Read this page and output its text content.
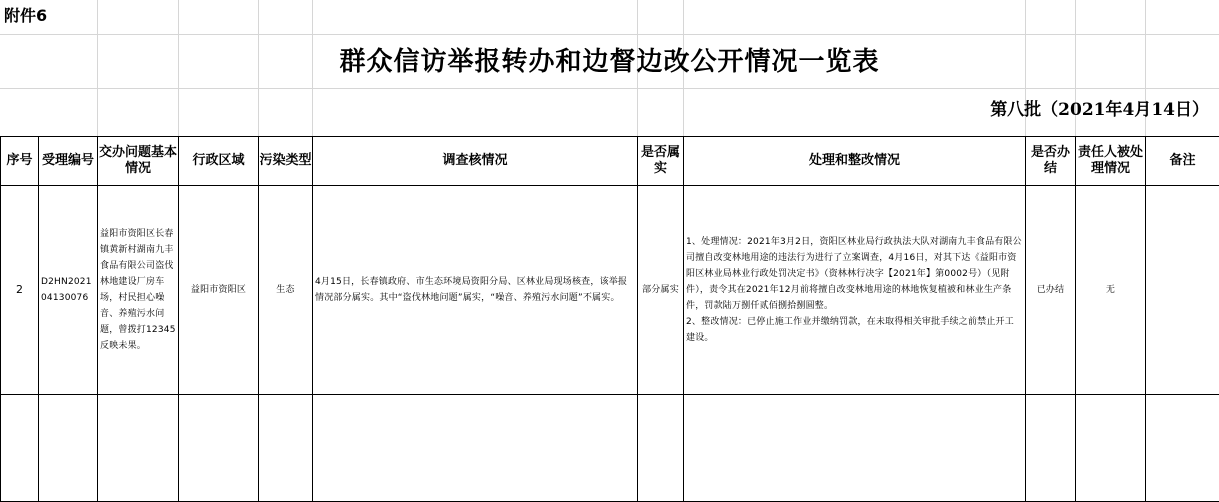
附件6
群众信访举报转办和边督边改公开情况一览表
第八批（2021年4月14日）
序号	受理编号	交办问题基本情况	行政区域	污染类型	调查核情况	是否属实	处理和整改情况	是否办结	责任人被处理情况	备注
2	D2HN202104130076	益阳市资阳区长春镇黄新村湖南九丰食品有限公司盗伐林地建设厂房车场，村民担心噪音、养殖污水问题，曾拨打12345反映未果。	益阳市资阳区	生态	4月15日，长春镇政府、市生态环境局资阳分局、区林业局现场核查，该举报情况部分属实。其中“盗伐林地问题”属实，“噪音、养殖污水问题”不属实。	部分属实	1、处理情况：2021年3月2日，资阳区林业局行政执法大队对湖南九丰食品有限公司擅自改变林地用途的违法行为进行了立案调查，4月16日，对其下达《益阳市资阳区林业局林业行政处罚决定书》（资林林行决字【2021年】第0002号）（见附件），责令其在2021年12月前将擅自改变林地用途的林地恢复植被和林业生产条件，罚款陆万捌仟贰佰捌拾捌圆整。
2、整改情况：已停止施工作业并缴纳罚款，在未取得相关审批手续之前禁止开工建设。	已办结	无	
